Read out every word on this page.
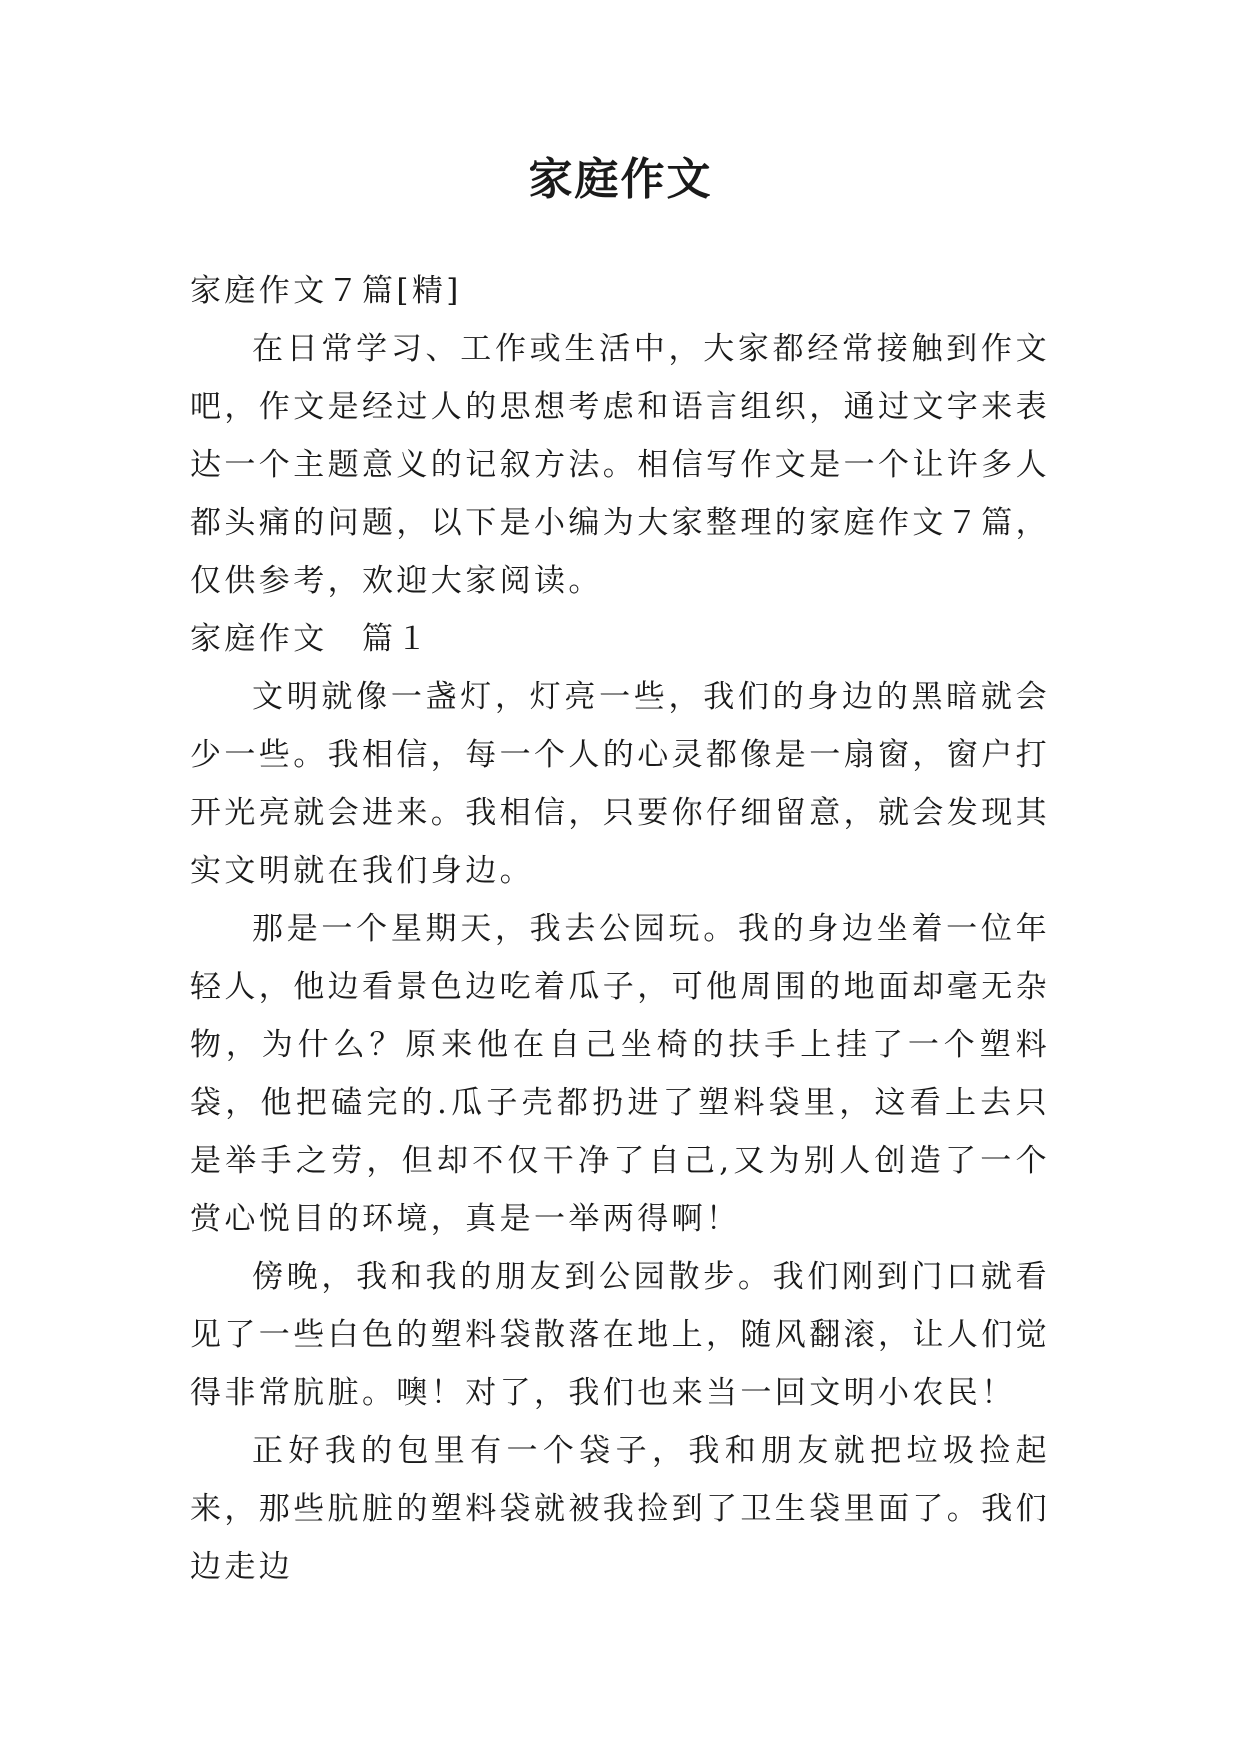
家庭作文

家庭作文７篇[精]

在日常学习、工作或生活中，大家都经常接触到作文吧，作文是经过人的思想考虑和语言组织，通过文字来表达一个主题意义的记叙方法。相信写作文是一个让许多人都头痛的问题，以下是小编为大家整理的家庭作文７篇，仅供参考，欢迎大家阅读。

家庭作文　篇１

文明就像一盏灯，灯亮一些，我们的身边的黑暗就会少一些。我相信，每一个人的心灵都像是一扇窗，窗户打开光亮就会进来。我相信，只要你仔细留意，就会发现其实文明就在我们身边。

那是一个星期天，我去公园玩。我的身边坐着一位年轻人，他边看景色边吃着瓜子，可他周围的地面却毫无杂物，为什么？原来他在自己坐椅的扶手上挂了一个塑料袋，他把磕完的.瓜子壳都扔进了塑料袋里，这看上去只是举手之劳，但却不仅干净了自己,又为别人创造了一个赏心悦目的环境，真是一举两得啊！

傍晚，我和我的朋友到公园散步。我们刚到门口就看见了一些白色的塑料袋散落在地上，随风翻滚，让人们觉得非常肮脏。噢！对了，我们也来当一回文明小农民！

正好我的包里有一个袋子，我和朋友就把垃圾捡起来，那些肮脏的塑料袋就被我捡到了卫生袋里面了。我们边走边
